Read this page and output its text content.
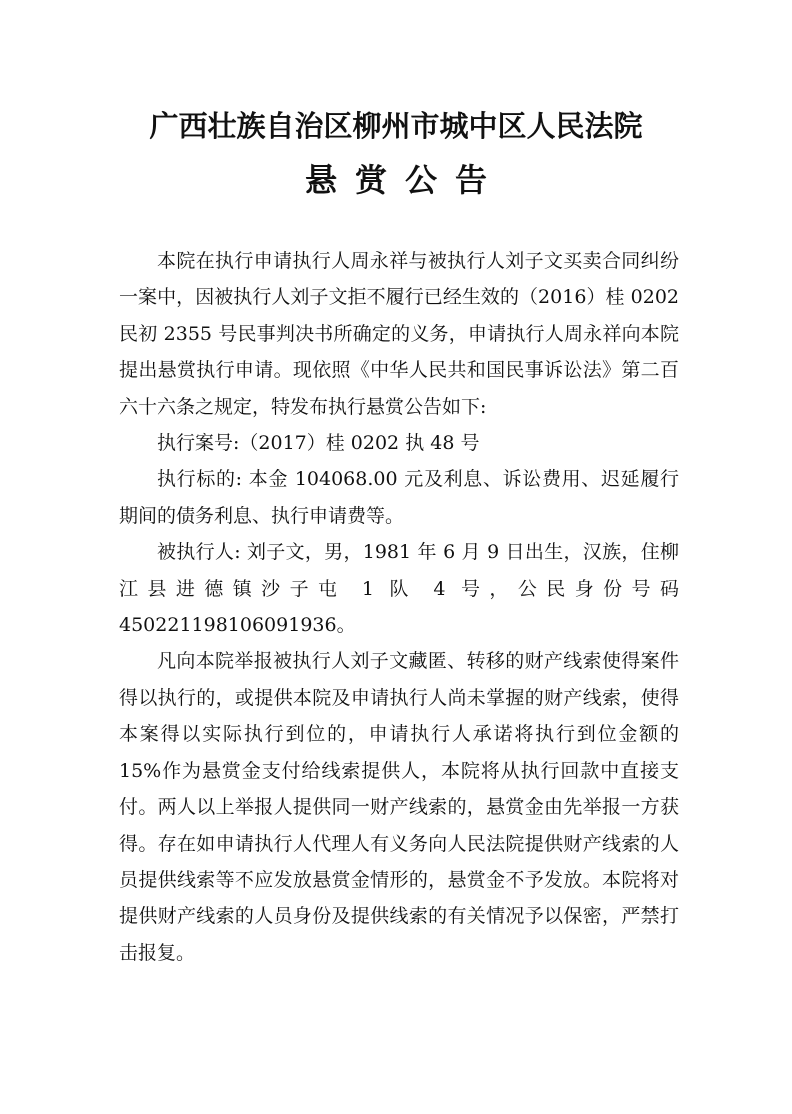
广西壮族自治区柳州市城中区人民法院
悬赏公告

本院在执行申请执行人周永祥与被执行人刘子文买卖合同纠纷一案中，因被执行人刘子文拒不履行已经生效的（2016）桂 0202 民初 2355 号民事判决书所确定的义务，申请执行人周永祥向本院提出悬赏执行申请。现依照《中华人民共和国民事诉讼法》第二百六十六条之规定，特发布执行悬赏公告如下:

执行案号:（2017）桂 0202 执 48 号

执行标的: 本金 104068.00 元及利息、诉讼费用、迟延履行期间的债务利息、执行申请费等。

被执行人: 刘子文，男，1981 年 6 月 9 日出生，汉族，住柳江县进德镇沙子屯 1 队 4 号，公民身份号码 450221198106091936。

凡向本院举报被执行人刘子文藏匿、转移的财产线索使得案件得以执行的，或提供本院及申请执行人尚未掌握的财产线索，使得本案得以实际执行到位的，申请执行人承诺将执行到位金额的 15%作为悬赏金支付给线索提供人，本院将从执行回款中直接支付。两人以上举报人提供同一财产线索的，悬赏金由先举报一方获得。存在如申请执行人代理人有义务向人民法院提供财产线索的人员提供线索等不应发放悬赏金情形的，悬赏金不予发放。本院将对提供财产线索的人员身份及提供线索的有关情况予以保密，严禁打击报复。
